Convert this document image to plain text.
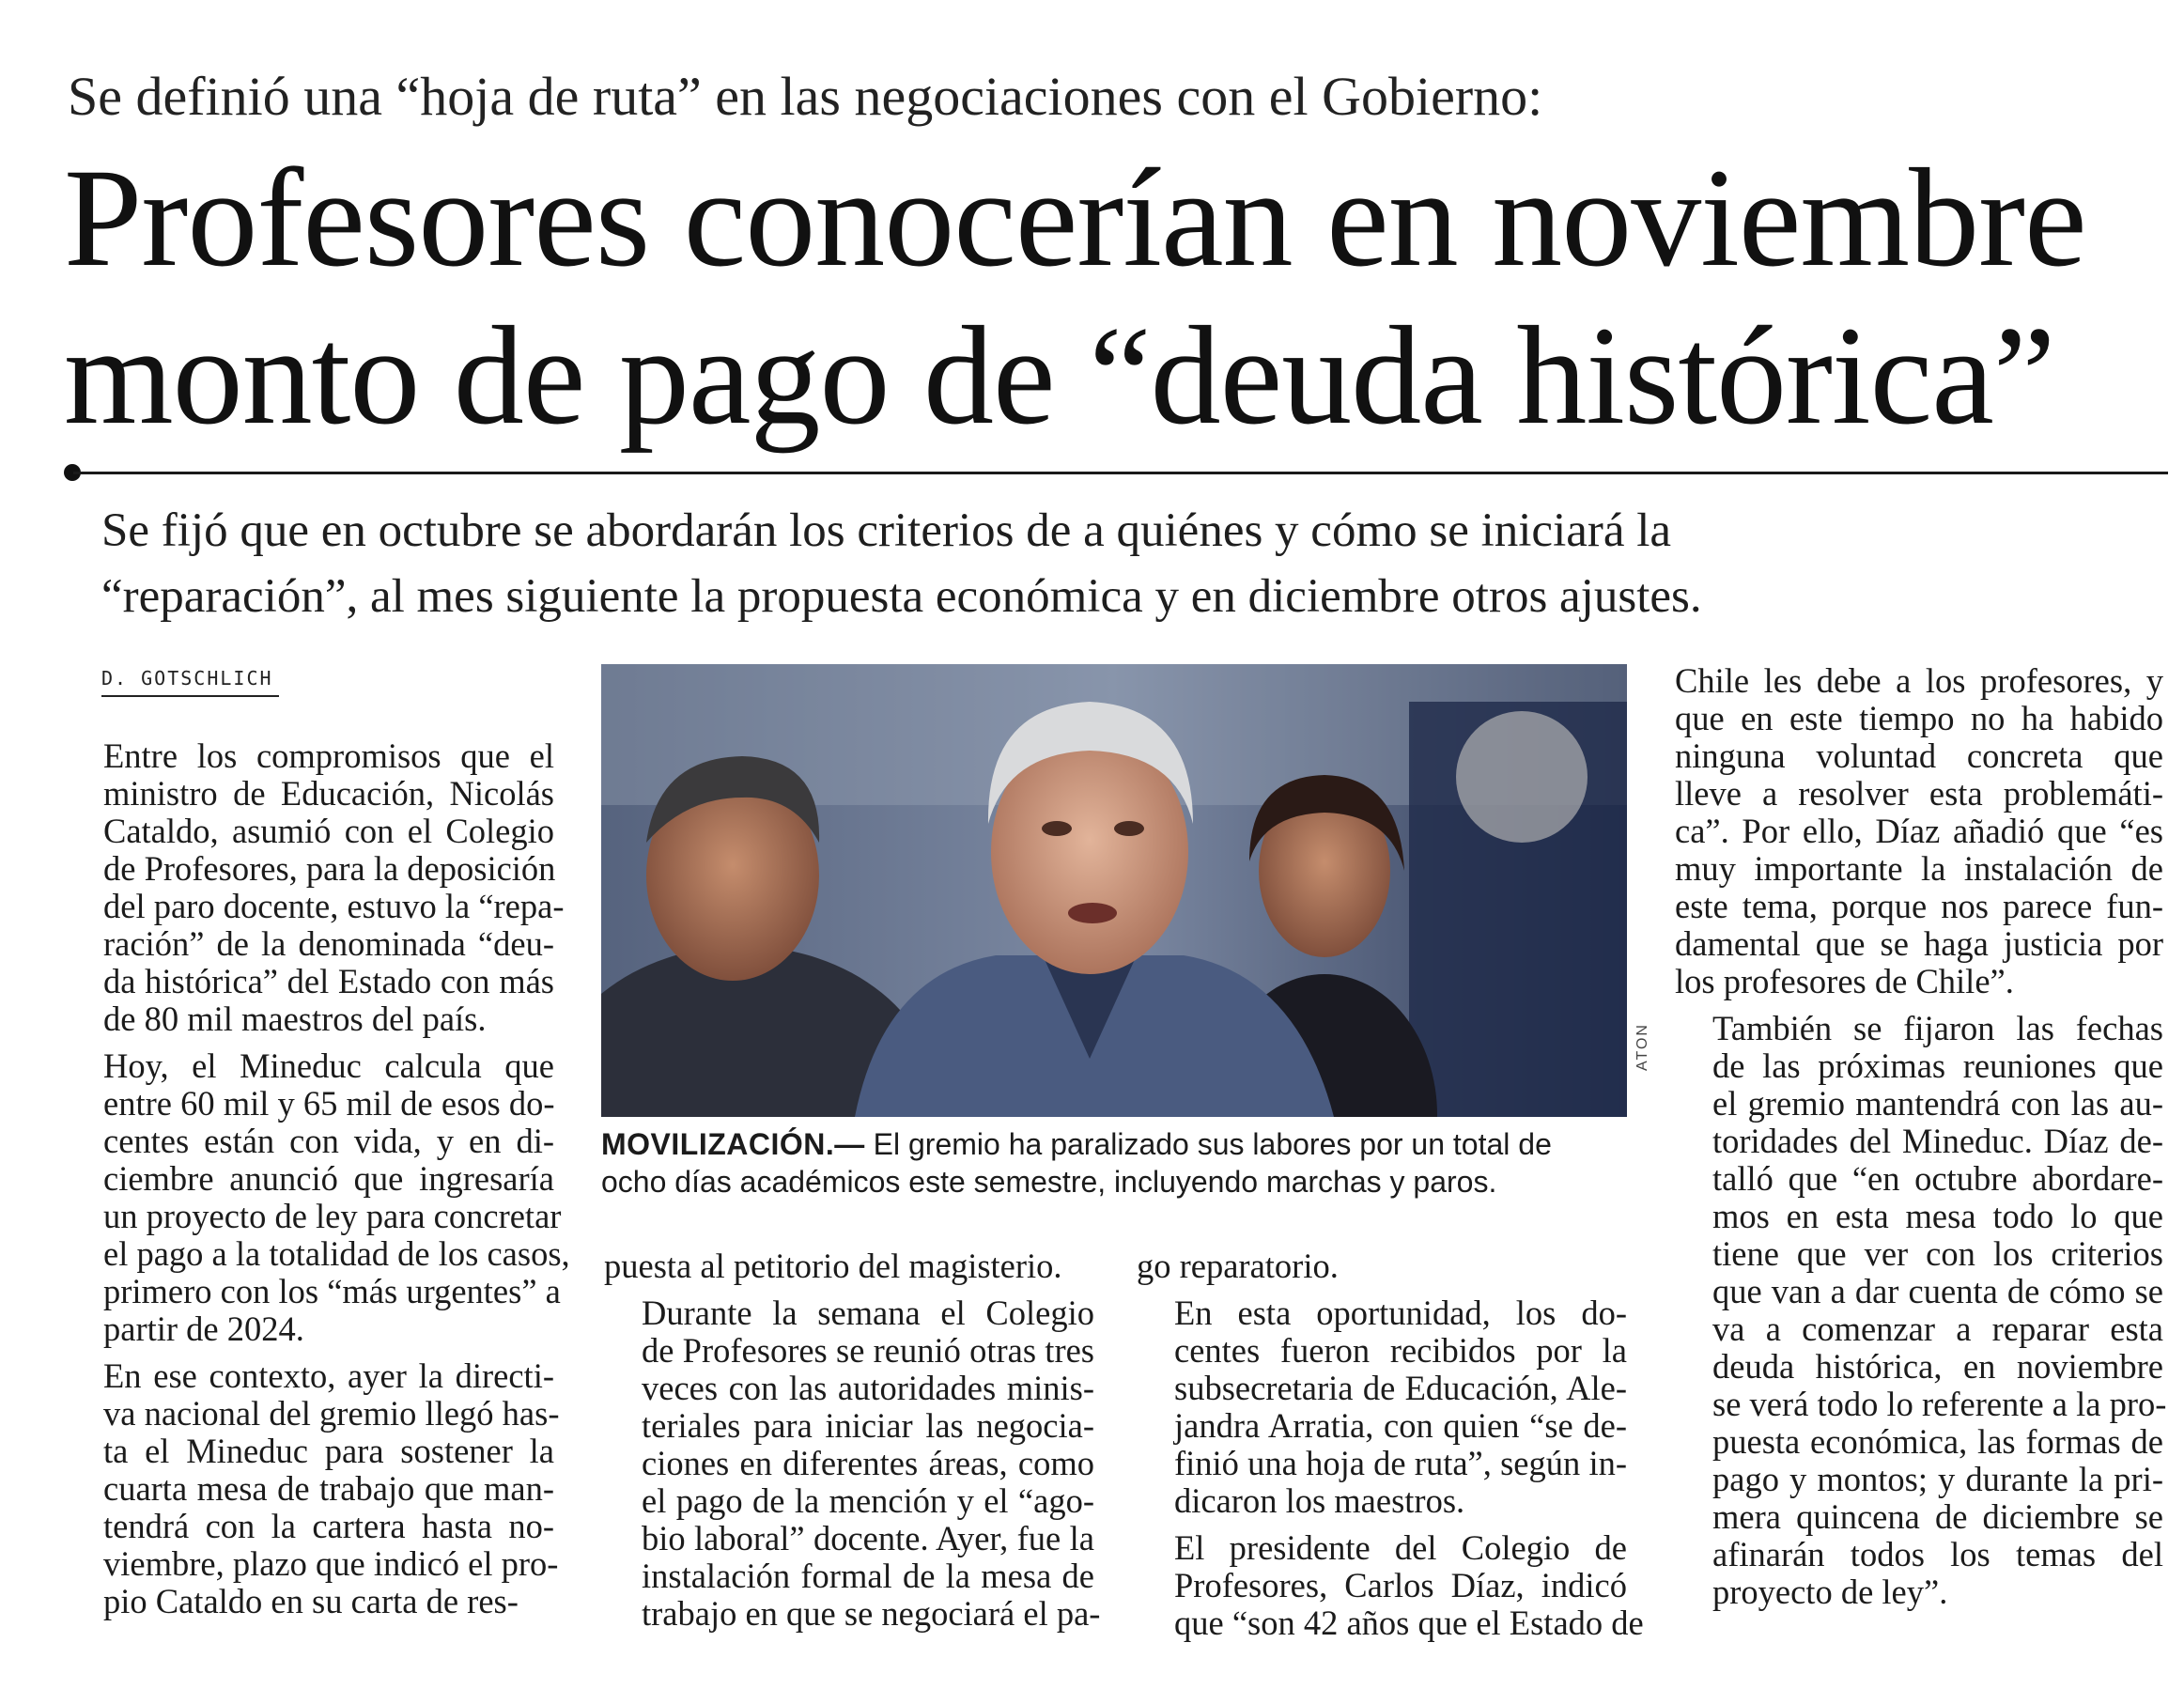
Se definió una “hoja de ruta” en las negociaciones con el Gobierno:
Profesores conocerían en noviembre
monto de pago de “deuda histórica”
Se fijó que en octubre se abordarán los criterios de a quiénes y cómo se iniciará la
“reparación”, al mes siguiente la propuesta económica y en diciembre otros ajustes.
D. GOTSCHLICH

Entre los compromisos que el
ministro de Educación, Nicolás
Cataldo, asumió con el Colegio
de Profesores, para la deposición
del paro docente, estuvo la “repa-
ración” de la denominada “deu-
da histórica” del Estado con más
de 80 mil maestros del país.

Hoy, el Mineduc calcula que
entre 60 mil y 65 mil de esos do-
centes están con vida, y en di-
ciembre anunció que ingresaría
un proyecto de ley para concretar
el pago a la totalidad de los casos,
primero con los “más urgentes” a
partir de 2024.

En ese contexto, ayer la directi-
va nacional del gremio llegó has-
ta el Mineduc para sostener la
cuarta mesa de trabajo que man-
tendrá con la cartera hasta no-
viembre, plazo que indicó el pro-
pio Cataldo en su carta de res-

ATON
MOVILIZACIÓN.— El gremio ha paralizado sus labores por un total de
ocho días académicos este semestre, incluyendo marchas y paros.

puesta al petitorio del magisterio.

Durante la semana el Colegio
de Profesores se reunió otras tres
veces con las autoridades minis-
teriales para iniciar las negocia-
ciones en diferentes áreas, como
el pago de la mención y el “ago-
bio laboral” docente. Ayer, fue la
instalación formal de la mesa de
trabajo en que se negociará el pa-

go reparatorio.

En esta oportunidad, los do-
centes fueron recibidos por la
subsecretaria de Educación, Ale-
jandra Arratia, con quien “se de-
finió una hoja de ruta”, según in-
dicaron los maestros.

El presidente del Colegio de
Profesores, Carlos Díaz, indicó
que “son 42 años que el Estado de

Chile les debe a los profesores, y
que en este tiempo no ha habido
ninguna voluntad concreta que
lleve a resolver esta problemáti-
ca”. Por ello, Díaz añadió que “es
muy importante la instalación de
este tema, porque nos parece fun-
damental que se haga justicia por
los profesores de Chile”.

También se fijaron las fechas
de las próximas reuniones que
el gremio mantendrá con las au-
toridades del Mineduc. Díaz de-
talló que “en octubre abordare-
mos en esta mesa todo lo que
tiene que ver con los criterios
que van a dar cuenta de cómo se
va a comenzar a reparar esta
deuda histórica, en noviembre
se verá todo lo referente a la pro-
puesta económica, las formas de
pago y montos; y durante la pri-
mera quincena de diciembre se
afinarán todos los temas del
proyecto de ley”.
